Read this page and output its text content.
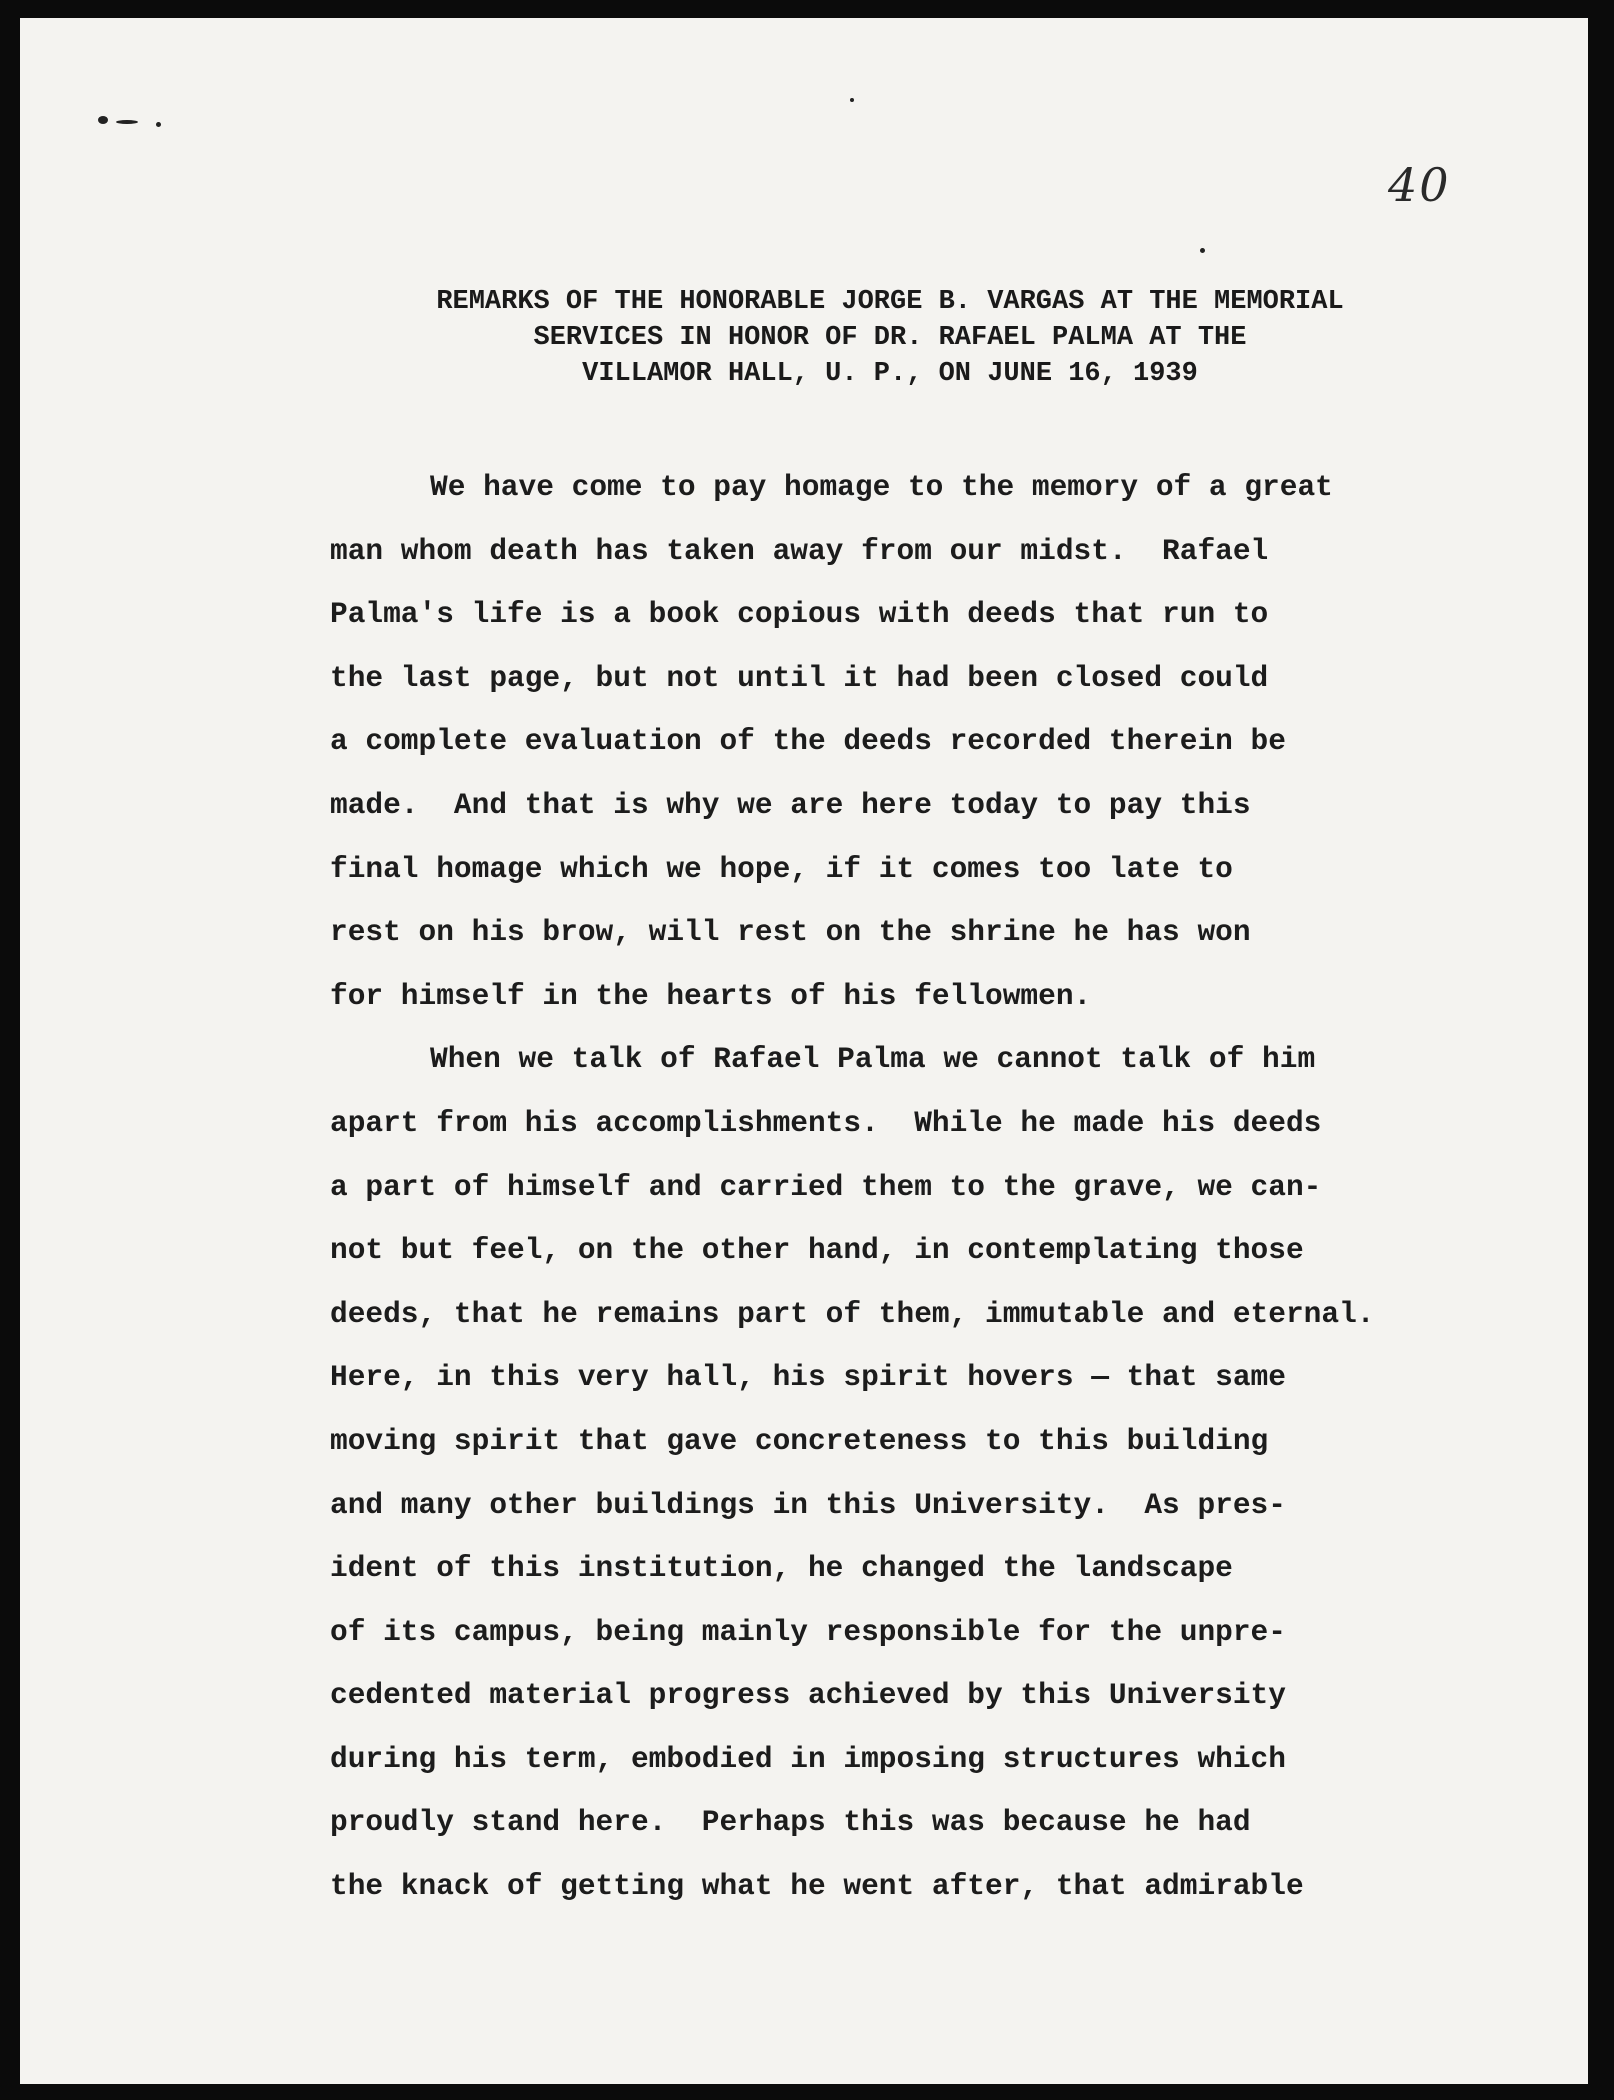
40
REMARKS OF THE HONORABLE JORGE B. VARGAS AT THE MEMORIAL
SERVICES IN HONOR OF DR. RAFAEL PALMA AT THE
VILLAMOR HALL, U. P., ON JUNE 16, 1939
We have come to pay homage to the memory of a great
man whom death has taken away from our midst.  Rafael
Palma's life is a book copious with deeds that run to
the last page, but not until it had been closed could
a complete evaluation of the deeds recorded therein be
made.  And that is why we are here today to pay this
final homage which we hope, if it comes too late to
rest on his brow, will rest on the shrine he has won
for himself in the hearts of his fellowmen.
When we talk of Rafael Palma we cannot talk of him
apart from his accomplishments.  While he made his deeds
a part of himself and carried them to the grave, we can-
not but feel, on the other hand, in contemplating those
deeds, that he remains part of them, immutable and eternal.
Here, in this very hall, his spirit hovers — that same
moving spirit that gave concreteness to this building
and many other buildings in this University.  As pres-
ident of this institution, he changed the landscape
of its campus, being mainly responsible for the unpre-
cedented material progress achieved by this University
during his term, embodied in imposing structures which
proudly stand here.  Perhaps this was because he had
the knack of getting what he went after, that admirable
